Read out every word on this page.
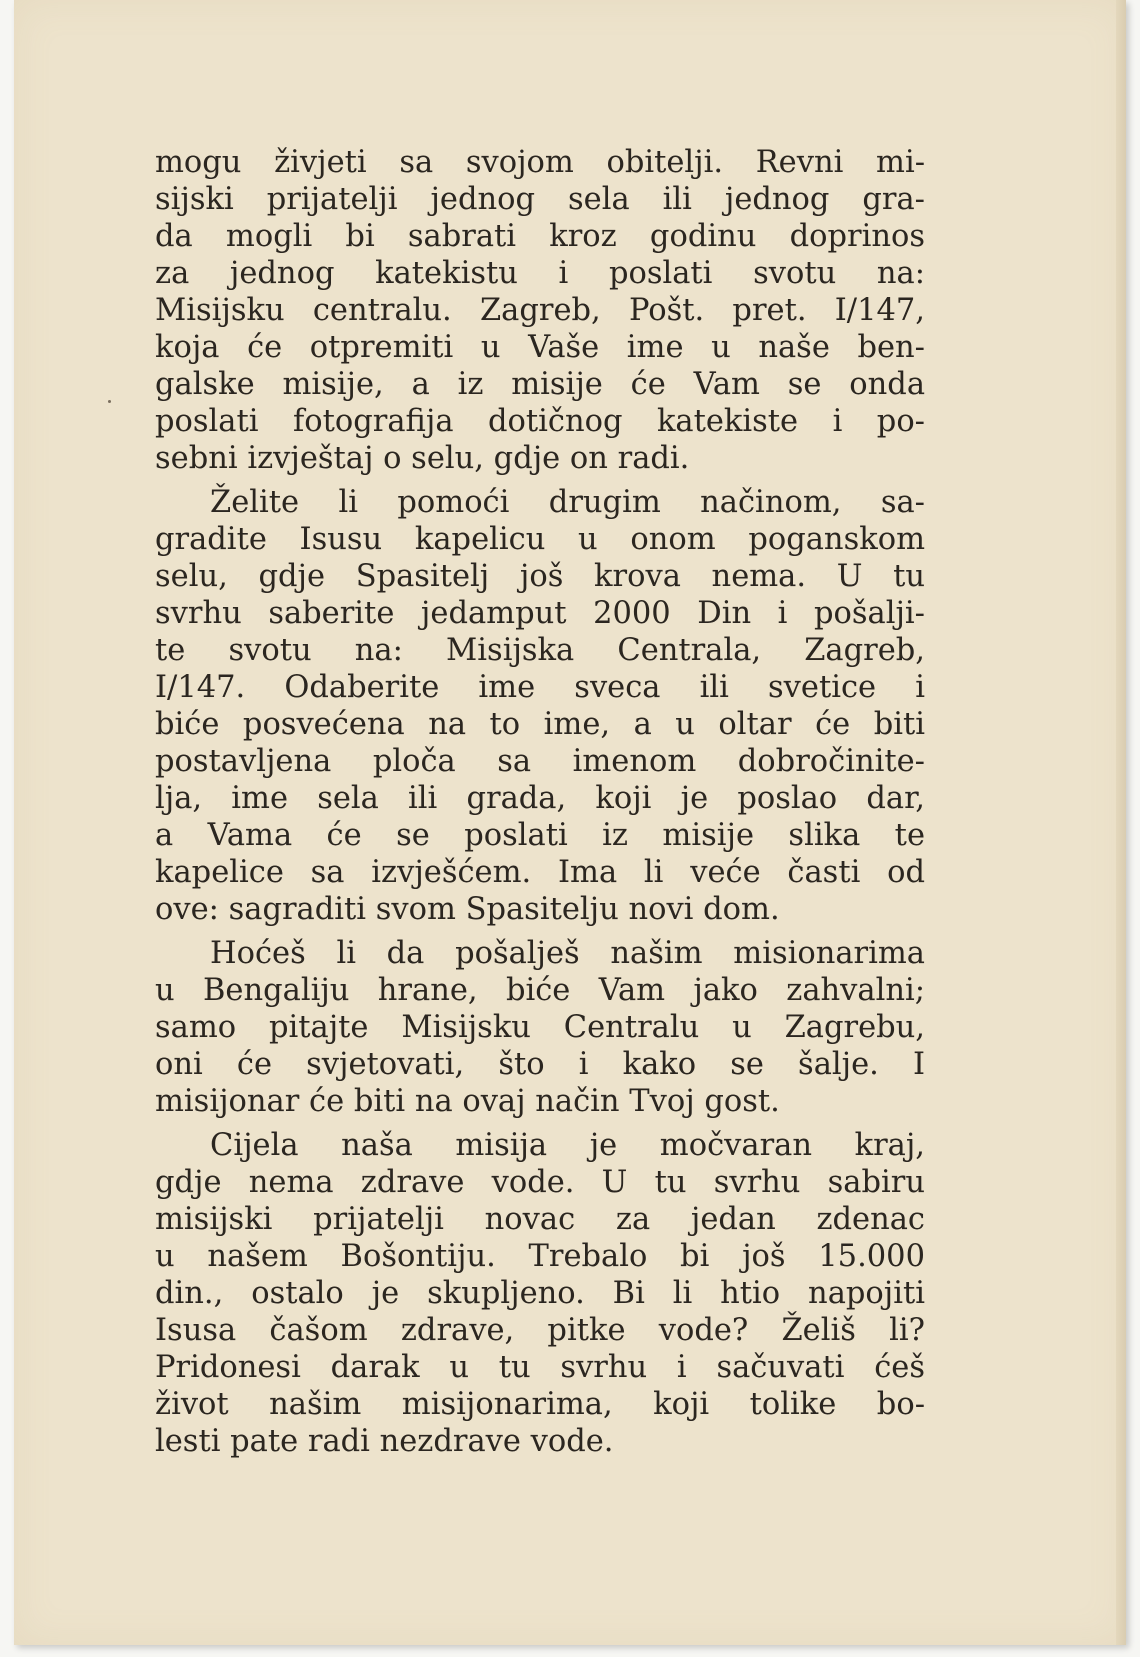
mogu živjeti sa svojom obitelji. Revni mi-
sijski prijatelji jednog sela ili jednog gra-
da mogli bi sabrati kroz godinu doprinos
za jednog katekistu i poslati svotu na:
Misijsku centralu. Zagreb, Pošt. pret. I/147,
koja će otpremiti u Vaše ime u naše ben-
galske misije, a iz misije će Vam se onda
poslati fotografija dotičnog katekiste i po-
sebni izvještaj o selu, gdje on radi.
Želite li pomoći drugim načinom, sa-
gradite Isusu kapelicu u onom poganskom
selu, gdje Spasitelj još krova nema. U tu
svrhu saberite jedamput 2000 Din i pošalji-
te svotu na: Misijska Centrala, Zagreb,
I/147. Odaberite ime sveca ili svetice i
biće posvećena na to ime, a u oltar će biti
postavljena ploča sa imenom dobročinite-
lja, ime sela ili grada, koji je poslao dar,
a Vama će se poslati iz misije slika te
kapelice sa izvješćem. Ima li veće časti od
ove: sagraditi svom Spasitelju novi dom.
Hoćeš li da pošalješ našim misionarima
u Bengaliju hrane, biće Vam jako zahvalni;
samo pitajte Misijsku Centralu u Zagrebu,
oni će svjetovati, što i kako se šalje. I
misijonar će biti na ovaj način Tvoj gost.
Cijela naša misija je močvaran kraj,
gdje nema zdrave vode. U tu svrhu sabiru
misijski prijatelji novac za jedan zdenac
u našem Bošontiju. Trebalo bi još 15.000
din., ostalo je skupljeno. Bi li htio napojiti
Isusa čašom zdrave, pitke vode? Želiš li?
Pridonesi darak u tu svrhu i sačuvati ćeš
život našim misijonarima, koji tolike bo-
lesti pate radi nezdrave vode.
